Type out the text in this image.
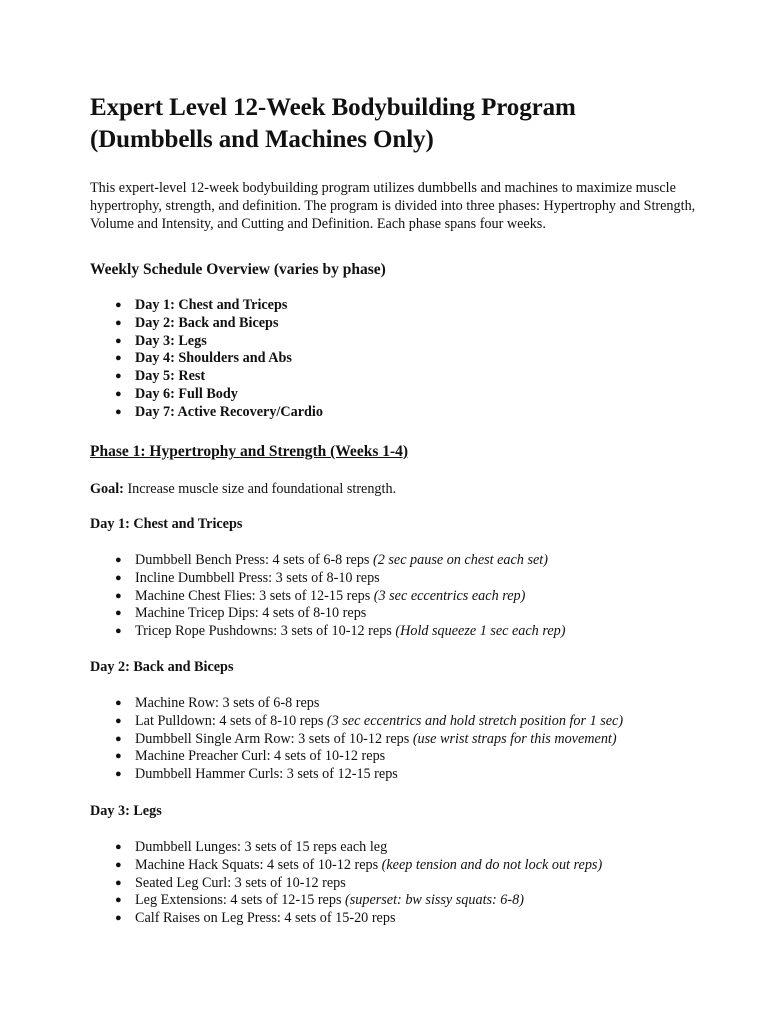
Expert Level 12-Week Bodybuilding Program
(Dumbbells and Machines Only)

This expert-level 12-week bodybuilding program utilizes dumbbells and machines to maximize muscle hypertrophy, strength, and definition. The program is divided into three phases: Hypertrophy and Strength, Volume and Intensity, and Cutting and Definition. Each phase spans four weeks.

Weekly Schedule Overview (varies by phase)
● Day 1: Chest and Triceps
● Day 2: Back and Biceps
● Day 3: Legs
● Day 4: Shoulders and Abs
● Day 5: Rest
● Day 6: Full Body
● Day 7: Active Recovery/Cardio
Phase 1: Hypertrophy and Strength (Weeks 1-4)

Goal: Increase muscle size and foundational strength.

Day 1: Chest and Triceps
● Dumbbell Bench Press: 4 sets of 6-8 reps (2 sec pause on chest each set)
● Incline Dumbbell Press: 3 sets of 8-10 reps
● Machine Chest Flies: 3 sets of 12-15 reps (3 sec eccentrics each rep)
● Machine Tricep Dips: 4 sets of 8-10 reps
● Tricep Rope Pushdowns: 3 sets of 10-12 reps (Hold squeeze 1 sec each rep)
Day 2: Back and Biceps
● Machine Row: 3 sets of 6-8 reps
● Lat Pulldown: 4 sets of 8-10 reps (3 sec eccentrics and hold stretch position for 1 sec)
● Dumbbell Single Arm Row: 3 sets of 10-12 reps (use wrist straps for this movement)
● Machine Preacher Curl: 4 sets of 10-12 reps
● Dumbbell Hammer Curls: 3 sets of 12-15 reps
Day 3: Legs
● Dumbbell Lunges: 3 sets of 15 reps each leg
● Machine Hack Squats: 4 sets of 10-12 reps (keep tension and do not lock out reps)
● Seated Leg Curl: 3 sets of 10-12 reps
● Leg Extensions: 4 sets of 12-15 reps (superset: bw sissy squats: 6-8)
● Calf Raises on Leg Press: 4 sets of 15-20 reps
